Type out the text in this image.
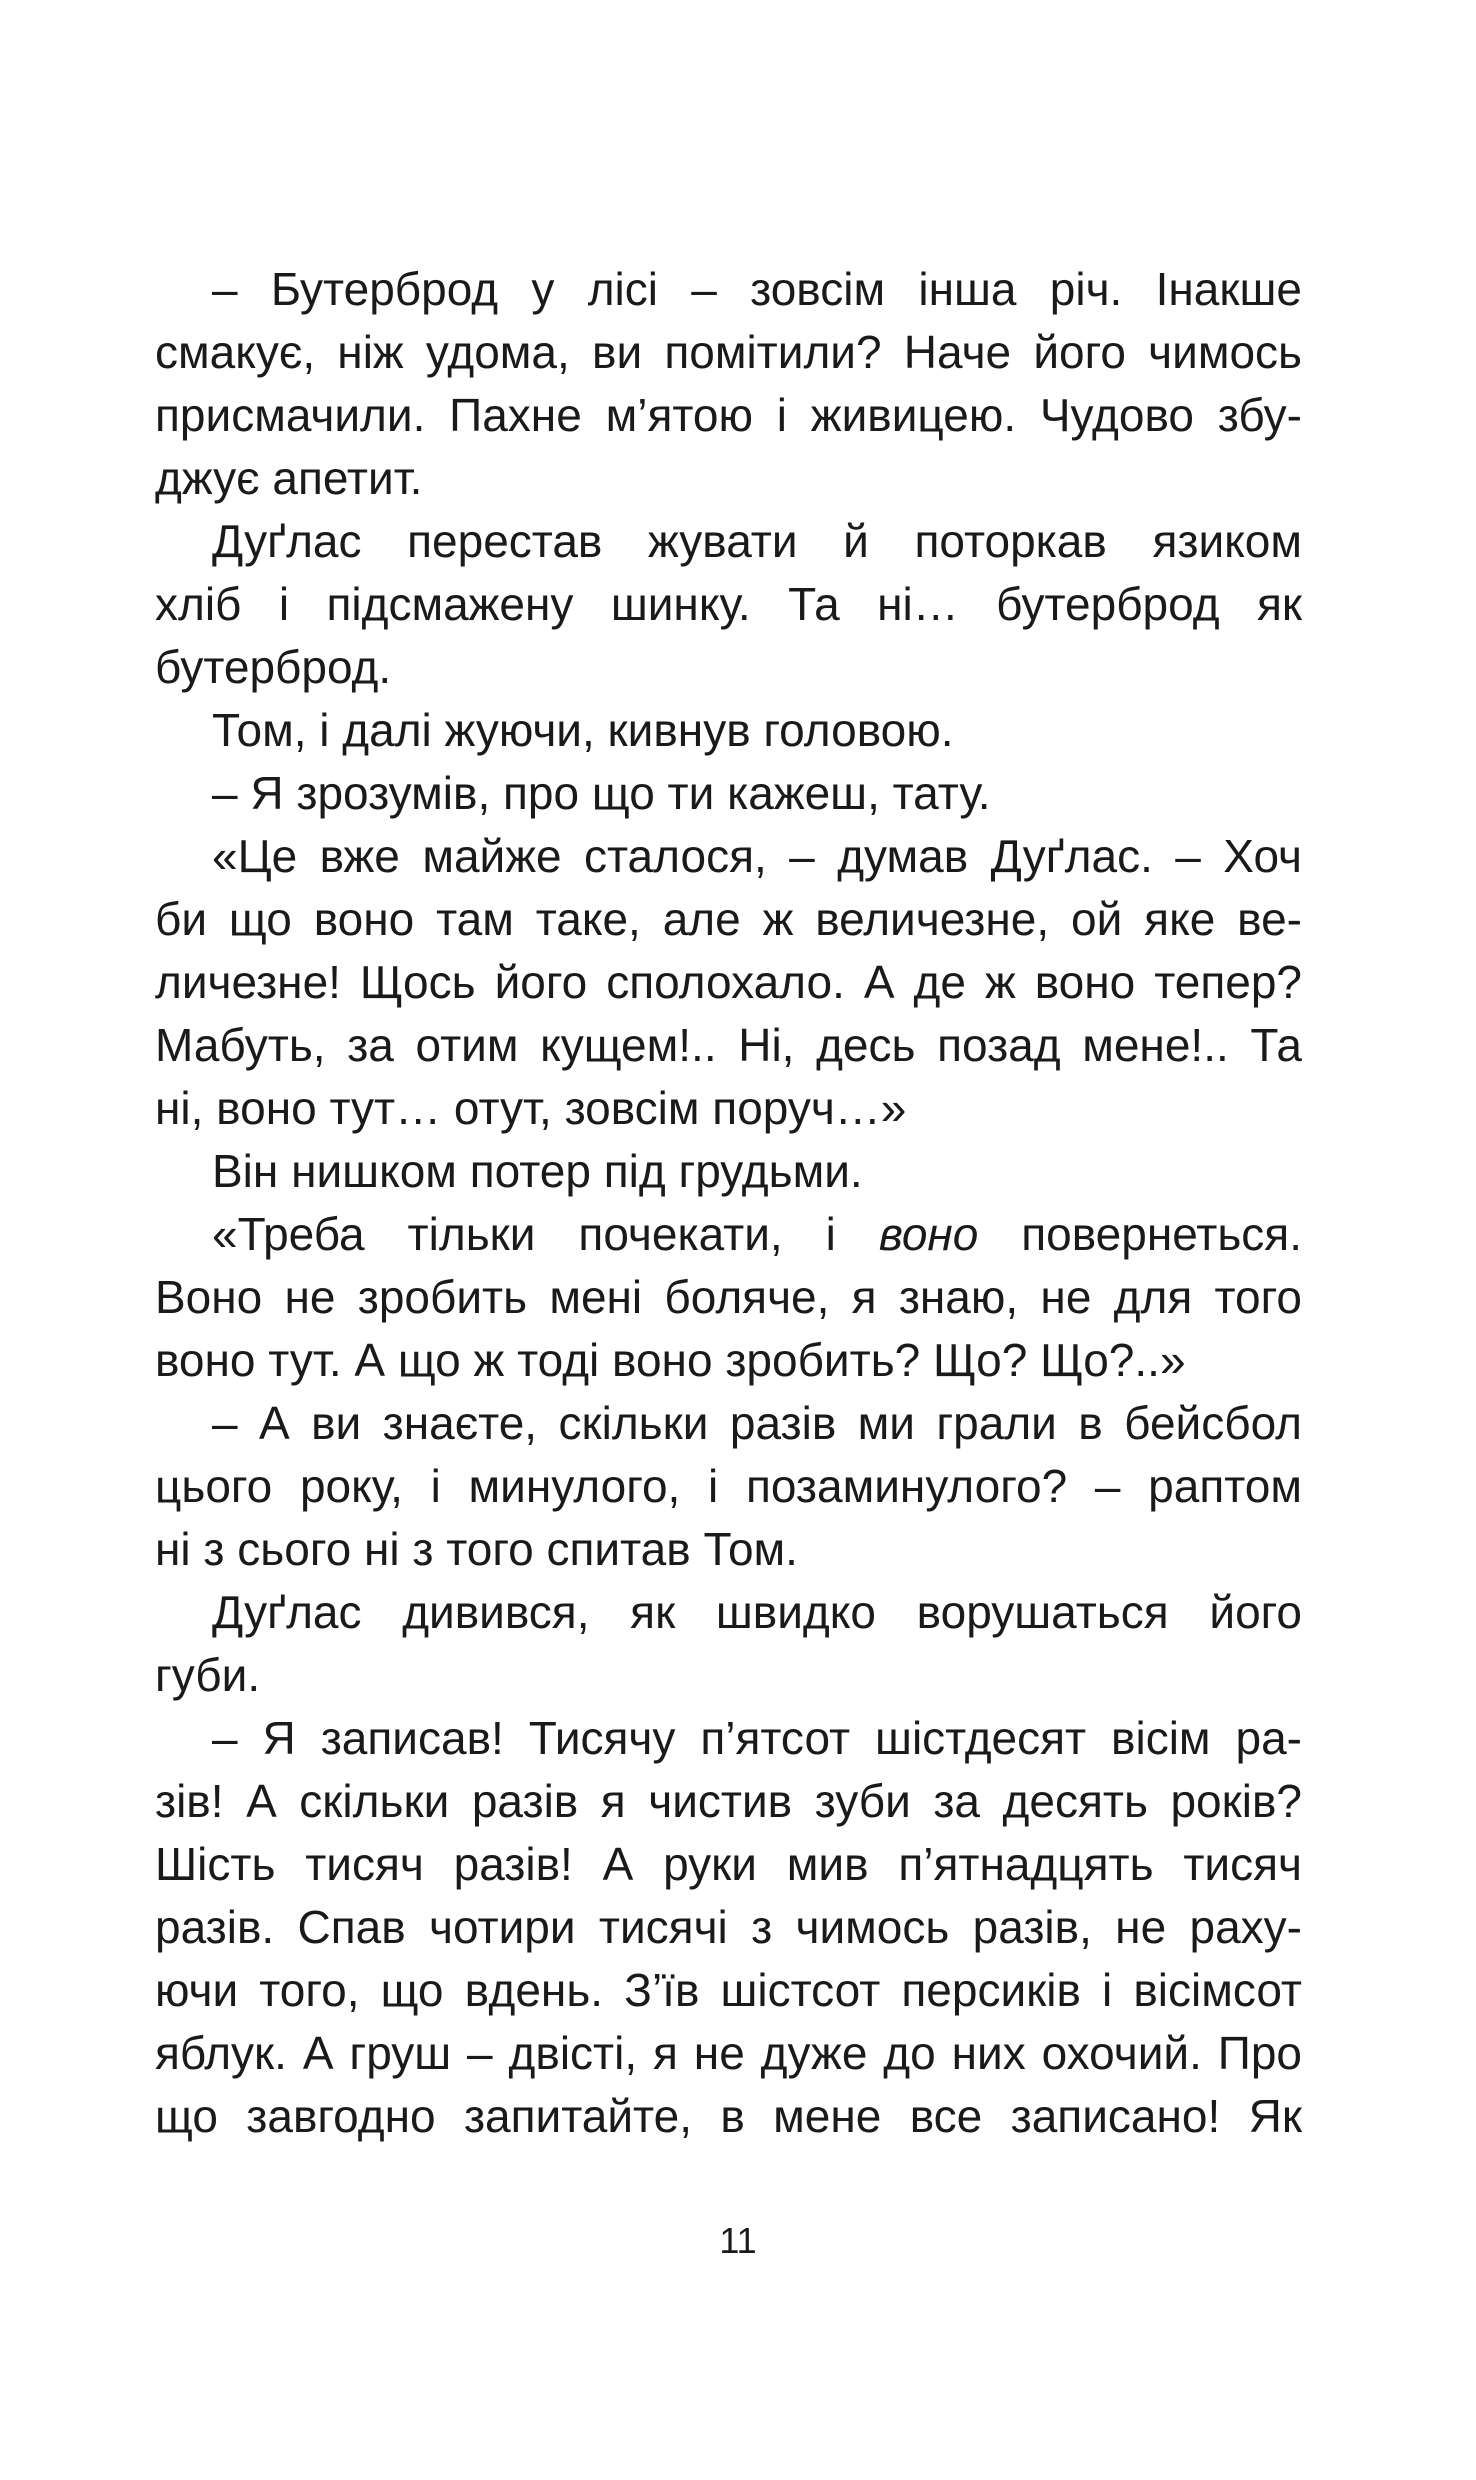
– Бутерброд у лісі – зовсім інша річ. Інакше
смакує, ніж удома, ви помітили? Наче його чимось
присмачили. Пахне м’ятою і живицею. Чудово збу-
джує апетит.
Дуґлас перестав жувати й поторкав язиком
хліб і підсмажену шинку. Та ні… бутерброд як
бутерброд.
Том, і далі жуючи, кивнув головою.
– Я зрозумів, про що ти кажеш, тату.
«Це вже майже сталося, – думав Дуґлас. – Хоч
би що воно там таке, але ж величезне, ой яке ве-
личезне! Щось його сполохало. А де ж воно тепер?
Мабуть, за отим кущем!.. Ні, десь позад мене!.. Та
ні, воно тут… отут, зовсім поруч…»
Він нишком потер під грудьми.
«Треба тільки почекати, і воно повернеться.
Воно не зробить мені боляче, я знаю, не для того
воно тут. А що ж тоді воно зробить? Що? Що?..»
– А ви знаєте, скільки разів ми грали в бейсбол
цього року, і минулого, і позаминулого? – раптом
ні з сього ні з того спитав Том.
Дуґлас дивився, як швидко ворушаться його
губи.
– Я записав! Тисячу п’ятсот шістдесят вісім ра-
зів! А скільки разів я чистив зуби за десять років?
Шість тисяч разів! А руки мив п’ятнадцять тисяч
разів. Спав чотири тисячі з чимось разів, не раху-
ючи того, що вдень. З’їв шістсот персиків і вісімсот
яблук. А груш – двісті, я не дуже до них охочий. Про
що завгодно запитайте, в мене все записано! Як
11
